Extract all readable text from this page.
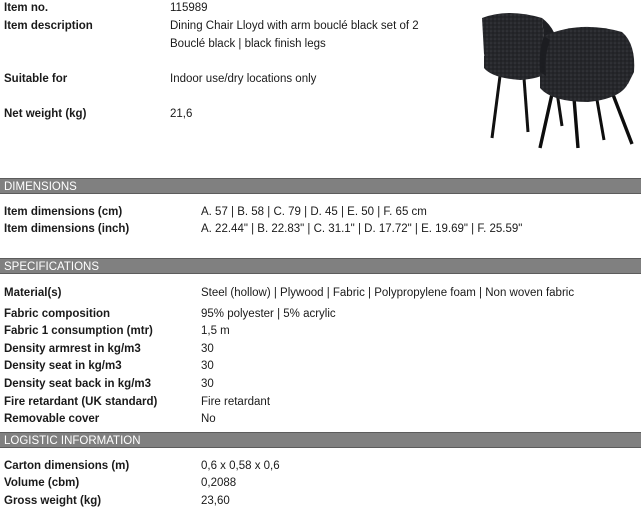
Item no.	115989
Item description	Dining Chair Lloyd with arm bouclé black set of 2
Bouclé black | black finish legs
Suitable for	Indoor use/dry locations only
Net weight (kg)	21,6
DIMENSIONS
Item dimensions (cm)	A. 57 | B. 58 | C. 79 | D. 45 | E. 50 | F. 65 cm
Item dimensions (inch)	A. 22.44" | B. 22.83" | C. 31.1" | D. 17.72" | E. 19.69" | F. 25.59"
SPECIFICATIONS
Material(s)	Steel (hollow) | Plywood | Fabric | Polypropylene foam | Non woven fabric
Fabric composition	95% polyester | 5% acrylic
Fabric 1 consumption (mtr)	1,5 m
Density armrest in kg/m3	30
Density seat in kg/m3	30
Density seat back in kg/m3	30
Fire retardant (UK standard)	Fire retardant
Removable cover	No
LOGISTIC INFORMATION
Carton dimensions (m)	0,6 x 0,58 x 0,6
Volume (cbm)	0,2088
Gross weight (kg)	23,60
